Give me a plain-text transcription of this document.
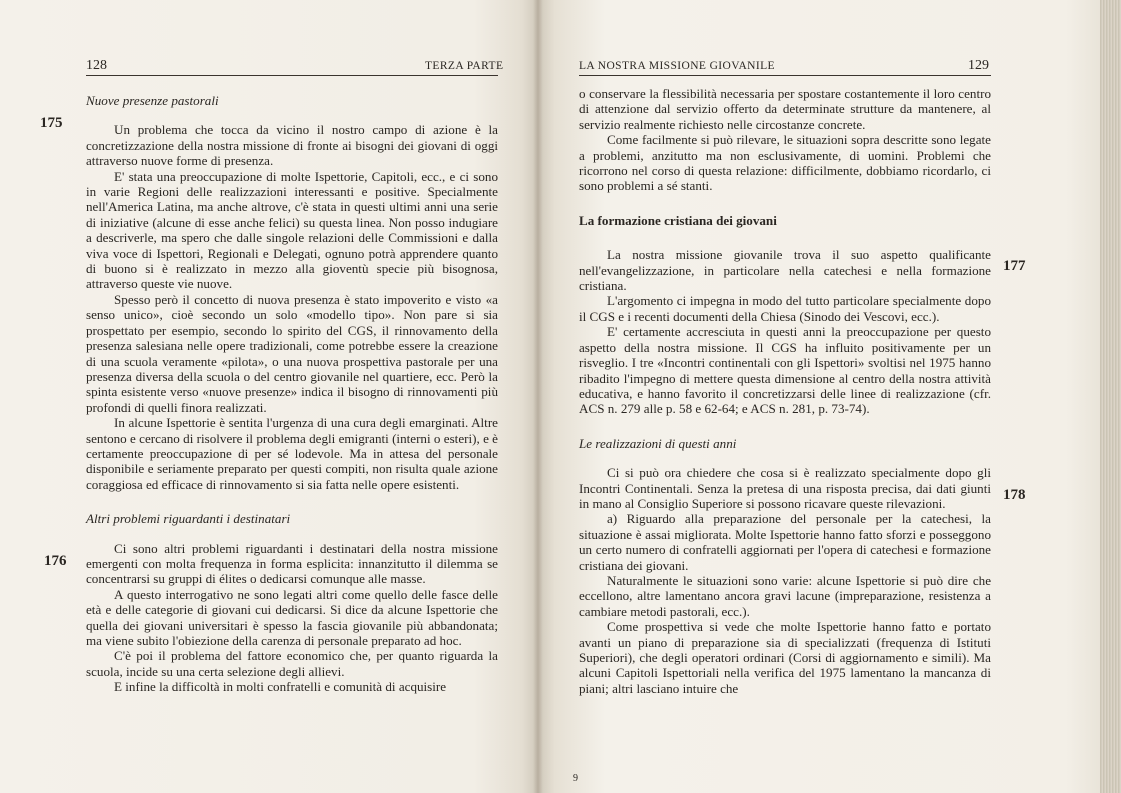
128	TERZA PARTE
175
176
Nuove presenze pastorali

Un problema che tocca da vicino il nostro campo di azione è la concretizzazione della nostra missione di fronte ai bisogni dei giovani di oggi attraverso nuove forme di presenza.

E' stata una preoccupazione di molte Ispettorie, Capitoli, ecc., e ci sono in varie Regioni delle realizzazioni interessanti e positive. Specialmente nell'America Latina, ma anche altrove, c'è stata in questi ultimi anni una serie di iniziative (alcune di esse anche felici) su questa linea. Non posso indugiare a descriverle, ma spero che dalle singole relazioni delle Commissioni e dalla viva voce di Ispettori, Regionali e Delegati, ognuno potrà apprendere quanto di buono si è realizzato in mezzo alla gioventù specie più bisognosa, attraverso queste vie nuove.

Spesso però il concetto di nuova presenza è stato impoverito e visto «a senso unico», cioè secondo un solo «modello tipo». Non pare si sia prospettato per esempio, secondo lo spirito del CGS, il rinnovamento della presenza salesiana nelle opere tradizionali, come potrebbe essere la creazione di una scuola veramente «pilota», o una nuova prospettiva pastorale per una presenza diversa della scuola o del centro giovanile nel quartiere, ecc. Però la spinta esistente verso «nuove presenze» indica il bisogno di rinnovamenti più profondi di quelli finora realizzati.

In alcune Ispettorie è sentita l'urgenza di una cura degli emarginati. Altre sentono e cercano di risolvere il problema degli emigranti (interni o esteri), e è certamente preoccupazione di per sé lodevole. Ma in attesa del personale disponibile e seriamente preparato per questi compiti, non risulta quale azione coraggiosa ed efficace di rinnovamento si sia fatta nelle opere esistenti.

Altri problemi riguardanti i destinatari

Ci sono altri problemi riguardanti i destinatari della nostra missione emergenti con molta frequenza in forma esplicita: innanzitutto il dilemma se concentrarsi su gruppi di élites o dedicarsi comunque alle masse.

A questo interrogativo ne sono legati altri come quello delle fasce delle età e delle categorie di giovani cui dedicarsi. Si dice da alcune Ispettorie che quella dei giovani universitari è spesso la fascia giovanile più abbandonata; ma viene subito l'obiezione della carenza di personale preparato ad hoc.

C'è poi il problema del fattore economico che, per quanto riguarda la scuola, incide su una certa selezione degli allievi.

E infine la difficoltà in molti confratelli e comunità di acquisire

LA NOSTRA MISSIONE GIOVANILE	129
177
178

o conservare la flessibilità necessaria per spostare costantemente il loro centro di attenzione dal servizio offerto da determinate strutture da mantenere, al servizio realmente richiesto nelle circostanze concrete.

Come facilmente si può rilevare, le situazioni sopra descritte sono legate a problemi, anzitutto ma non esclusivamente, di uomini. Problemi che ricorrono nel corso di questa relazione: difficilmente, dobbiamo ricordarlo, ci sono problemi a sé stanti.

La formazione cristiana dei giovani

La nostra missione giovanile trova il suo aspetto qualificante nell'evangelizzazione, in particolare nella catechesi e nella formazione cristiana.

L'argomento ci impegna in modo del tutto particolare specialmente dopo il CGS e i recenti documenti della Chiesa (Sinodo dei Vescovi, ecc.).

E' certamente accresciuta in questi anni la preoccupazione per questo aspetto della nostra missione. Il CGS ha influito positivamente per un risveglio. I tre «Incontri continentali con gli Ispettori» svoltisi nel 1975 hanno ribadito l'impegno di mettere questa dimensione al centro della nostra attività educativa, e hanno favorito il concretizzarsi delle linee di realizzazione (cfr. ACS n. 279 alle p. 58 e 62-64; e ACS n. 281, p. 73-74).

Le realizzazioni di questi anni

Ci si può ora chiedere che cosa si è realizzato specialmente dopo gli Incontri Continentali. Senza la pretesa di una risposta precisa, dai dati giunti in mano al Consiglio Superiore si possono ricavare queste rilevazioni.

a) Riguardo alla preparazione del personale per la catechesi, la situazione è assai migliorata. Molte Ispettorie hanno fatto sforzi e posseggono un certo numero di confratelli aggiornati per l'opera di catechesi e formazione cristiana dei giovani.

Naturalmente le situazioni sono varie: alcune Ispettorie si può dire che eccellono, altre lamentano ancora gravi lacune (impreparazione, resistenza a cambiare metodi pastorali, ecc.).

Come prospettiva si vede che molte Ispettorie hanno fatto e portato avanti un piano di preparazione sia di specializzati (frequenza di Istituti Superiori), che degli operatori ordinari (Corsi di aggiornamento e simili). Ma alcuni Capitoli Ispettoriali nella verifica del 1975 lamentano la mancanza di piani; altri lasciano intuire che

9
